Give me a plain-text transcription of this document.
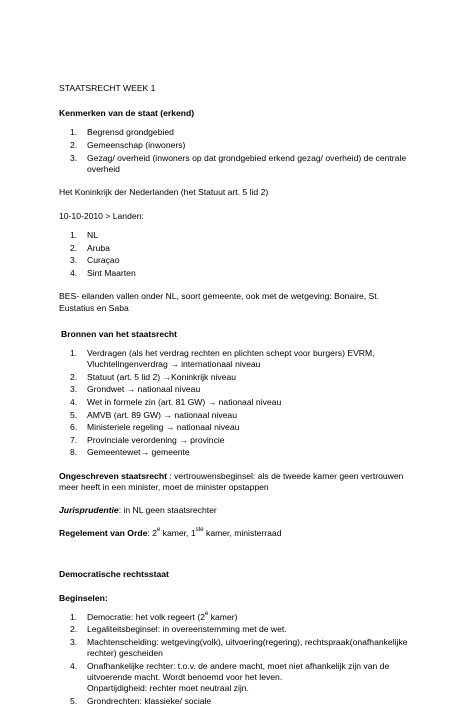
STAATSRECHT WEEK 1

Kenmerken van de staat (erkend)

1.	Begrensd grondgebied
2.	Gemeenschap (inwoners)
3.	Gezag/ overheid (inwoners op dat grondgebied erkend gezag/ overheid) de centrale overheid

Het Koninkrijk der Nederlanden (het Statuut art. 5 lid 2)

10-10-2010 > Landen:

1.	NL
2.	Aruba
3.	Curaçao
4.	Sint Maarten

BES- eilanden vallen onder NL, soort gemeente, ook met de wetgeving: Bonaire, St. Eustatius en Saba

Bronnen van het staatsrecht

1.	Verdragen (als het verdrag rechten en plichten schept voor burgers) EVRM, Vluchtelingenverdrag → internationaal niveau
2.	Statuut (art. 5 lid 2) →Koninkrijk niveau
3.	Grondwet → nationaal niveau
4.	Wet in formele zin (art. 81 GW) → nationaal niveau
5.	AMVB (art. 89 GW) → nationaal niveau
6.	Ministeriele regeling → nationaal niveau
7.	Provinciale verordening → provincie
8.	Gemeentewet→ gemeente

Ongeschreven staatsrecht : vertrouwensbeginsel: als de tweede kamer geen vertrouwen meer heeft in een minister, moet de minister opstappen

Jurisprudentie: in NL geen staatsrechter

Regelement van Orde: 2e kamer, 1ste kamer, ministerraad

Democratische rechtsstaat

Beginselen:

1.	Democratie: het volk regeert (2e kamer)
2.	Legaliteitsbeginsel: in overeenstemming met de wet.
3.	Machtenscheiding: wetgeving(volk), uitvoering(regering), rechtspraak(onafhankelijke rechter) gescheiden
4.	Onafhankelijke rechter: t.o.v. de andere macht, moet niet afhankelijk zijn van de uitvoerende macht. Wordt benoemd voor het leven.
Onpartijdigheid: rechter moet neutraal zijn.
5.	Grondrechten: klassieke/ sociale
